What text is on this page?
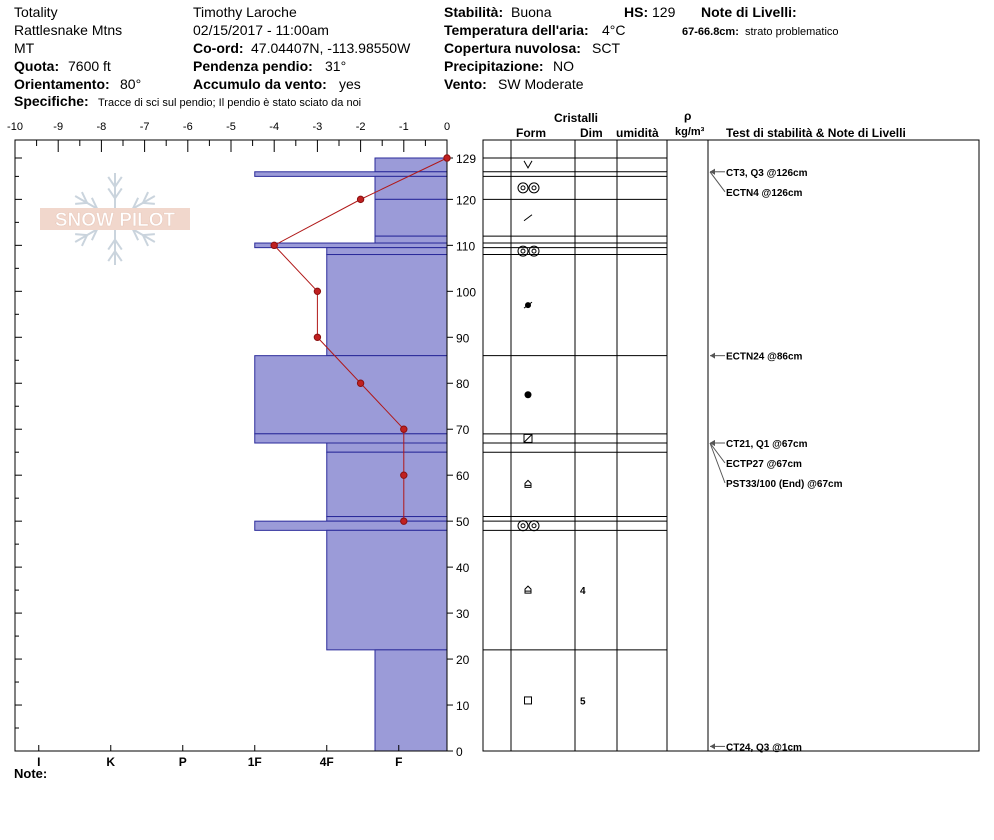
Totality
Rattlesnake Mtns
MT
Quota: 7600 ft
Orientamento: 80°
Timothy Laroche
02/15/2017 - 11:00am
Co-ord: 47.04407N, -113.98550W
Pendenza pendio: 31°
Accumulo da vento: yes
Stabilità: Buona	HS: 129 Note di Livelli:
Temperatura dell'aria: 4°C	67-66.8cm: strato problematico
Copertura nuvolosa: SCT
Precipitazione: NO
Vento: SW Moderate
Specifiche: Tracce di sci sul pendio; Il pendio è stato sciato da noi
SNOW PILOT
-10	-9	-8	-7	-6	-5	-4	-3	-2	-1	0
0
10
20
30
40
50
60
70
80
90
100
110
120
129
I	K	P	1F	4F	F
Cristalli
Form	Dim umidità
ρ
kg/m³ Test di stabilità & Note di Livelli
4
5
CT3, Q3 @126cm
ECTN4 @126cm
ECTN24 @86cm
CT21, Q1 @67cm
ECTP27 @67cm
PST33/100 (End) @67cm
CT24, Q3 @1cm
Note:
